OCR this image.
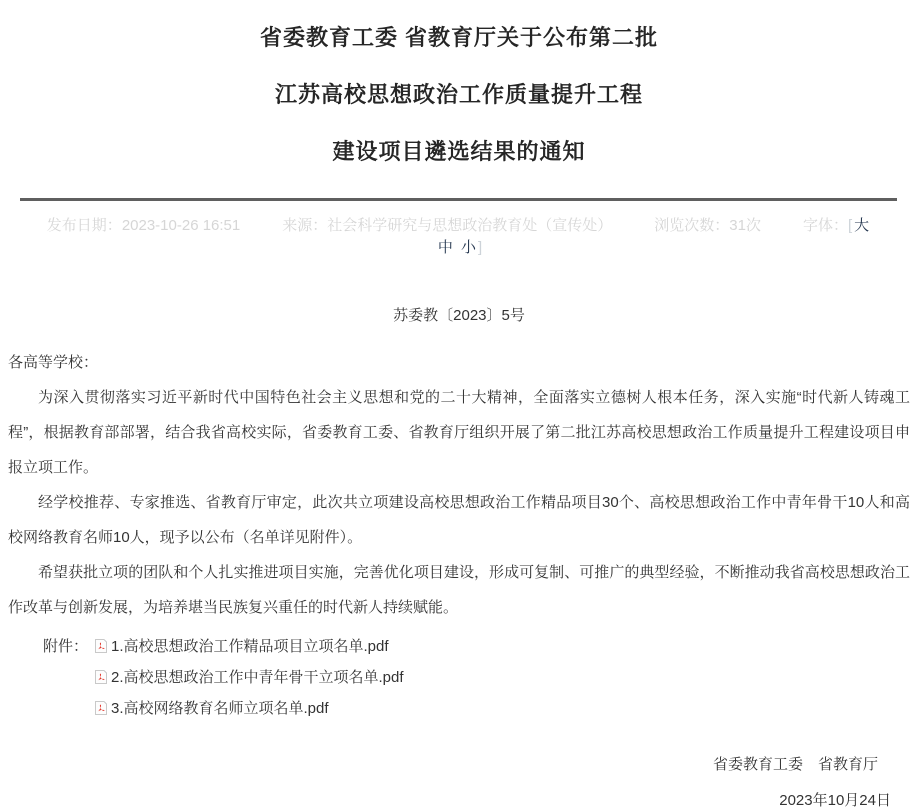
省委教育工委 省教育厅关于公布第二批
江苏高校思想政治工作质量提升工程
建设项目遴选结果的通知
发布日期：2023-10-26 16:51	来源：社会科学研究与思想政治教育处（宣传处）	浏览次数：31次	字体：[ 大
中 小 ]
苏委教〔2023〕5号
各高等学校：

为深入贯彻落实习近平新时代中国特色社会主义思想和党的二十大精神，全面落实立德树人根本任务，深入实施“时代新人铸魂工程”，根据教育部部署，结合我省高校实际，省委教育工委、省教育厅组织开展了第二批江苏高校思想政治工作质量提升工程建设项目申报立项工作。

经学校推荐、专家推选、省教育厅审定，此次共立项建设高校思想政治工作精品项目30个、高校思想政治工作中青年骨干10人和高校网络教育名师10人，现予以公布（名单详见附件）。

希望获批立项的团队和个人扎实推进项目实施，完善优化项目建设，形成可复制、可推广的典型经验，不断推动我省高校思想政治工作改革与创新发展，为培养堪当民族复兴重任的时代新人持续赋能。

附件： 1.高校思想政治工作精品项目立项名单.pdf
2.高校思想政治工作中青年骨干立项名单.pdf
3.高校网络教育名师立项名单.pdf
省委教育工委　省教育厅
2023年10月24日
